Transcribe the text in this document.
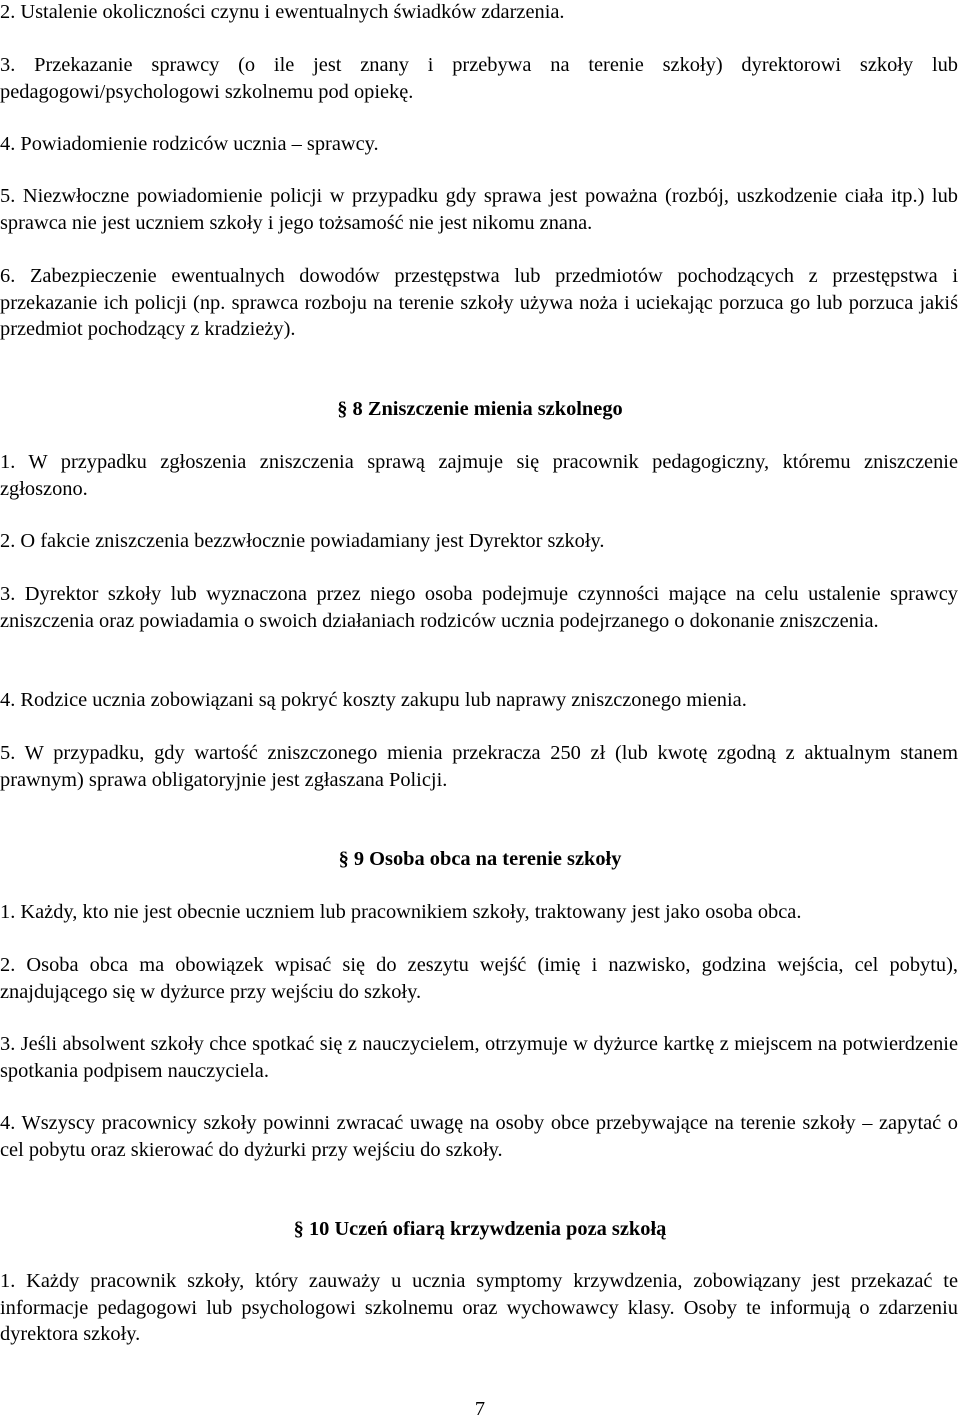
2. Ustalenie okoliczności czynu i ewentualnych świadków zdarzenia.

3. Przekazanie sprawcy (o ile jest znany i przebywa na terenie szkoły) dyrektorowi szkoły lub pedagogowi/psychologowi szkolnemu pod opiekę.

4. Powiadomienie rodziców ucznia – sprawcy.

5. Niezwłoczne powiadomienie policji w przypadku gdy sprawa jest poważna (rozbój, uszkodzenie ciała itp.) lub sprawca nie jest uczniem szkoły i jego tożsamość nie jest nikomu znana.

6. Zabezpieczenie ewentualnych dowodów przestępstwa lub przedmiotów pochodzących z przestępstwa i przekazanie ich policji (np. sprawca rozboju na terenie szkoły używa noża i uciekając porzuca go lub porzuca jakiś przedmiot pochodzący z kradzieży).

§ 8 Zniszczenie mienia szkolnego

1. W przypadku zgłoszenia zniszczenia sprawą zajmuje się pracownik pedagogiczny, któremu zniszczenie zgłoszono.

2. O fakcie zniszczenia bezzwłocznie powiadamiany jest Dyrektor szkoły.

3. Dyrektor szkoły lub wyznaczona przez niego osoba podejmuje czynności mające na celu ustalenie sprawcy zniszczenia oraz powiadamia o swoich działaniach rodziców ucznia podejrzanego o dokonanie zniszczenia.

4. Rodzice ucznia zobowiązani są pokryć koszty zakupu lub naprawy zniszczonego mienia.

5. W przypadku, gdy wartość zniszczonego mienia przekracza 250 zł (lub kwotę zgodną z aktualnym stanem prawnym) sprawa obligatoryjnie jest zgłaszana Policji.

§ 9 Osoba obca na terenie szkoły

1. Każdy, kto nie jest obecnie uczniem lub pracownikiem szkoły, traktowany jest jako osoba obca.

2. Osoba obca ma obowiązek wpisać się do zeszytu wejść (imię i nazwisko, godzina wejścia, cel pobytu), znajdującego się w dyżurce przy wejściu do szkoły.

3. Jeśli absolwent szkoły chce spotkać się z nauczycielem, otrzymuje w dyżurce kartkę z miejscem na potwierdzenie spotkania podpisem nauczyciela.

4. Wszyscy pracownicy szkoły powinni zwracać uwagę na osoby obce przebywające na terenie szkoły – zapytać o cel pobytu oraz skierować do dyżurki przy wejściu do szkoły.

§ 10 Uczeń ofiarą krzywdzenia poza szkołą

1. Każdy pracownik szkoły, który zauważy u ucznia symptomy krzywdzenia, zobowiązany jest przekazać te informacje pedagogowi lub psychologowi szkolnemu oraz wychowawcy klasy. Osoby te informują o zdarzeniu dyrektora szkoły.

7
